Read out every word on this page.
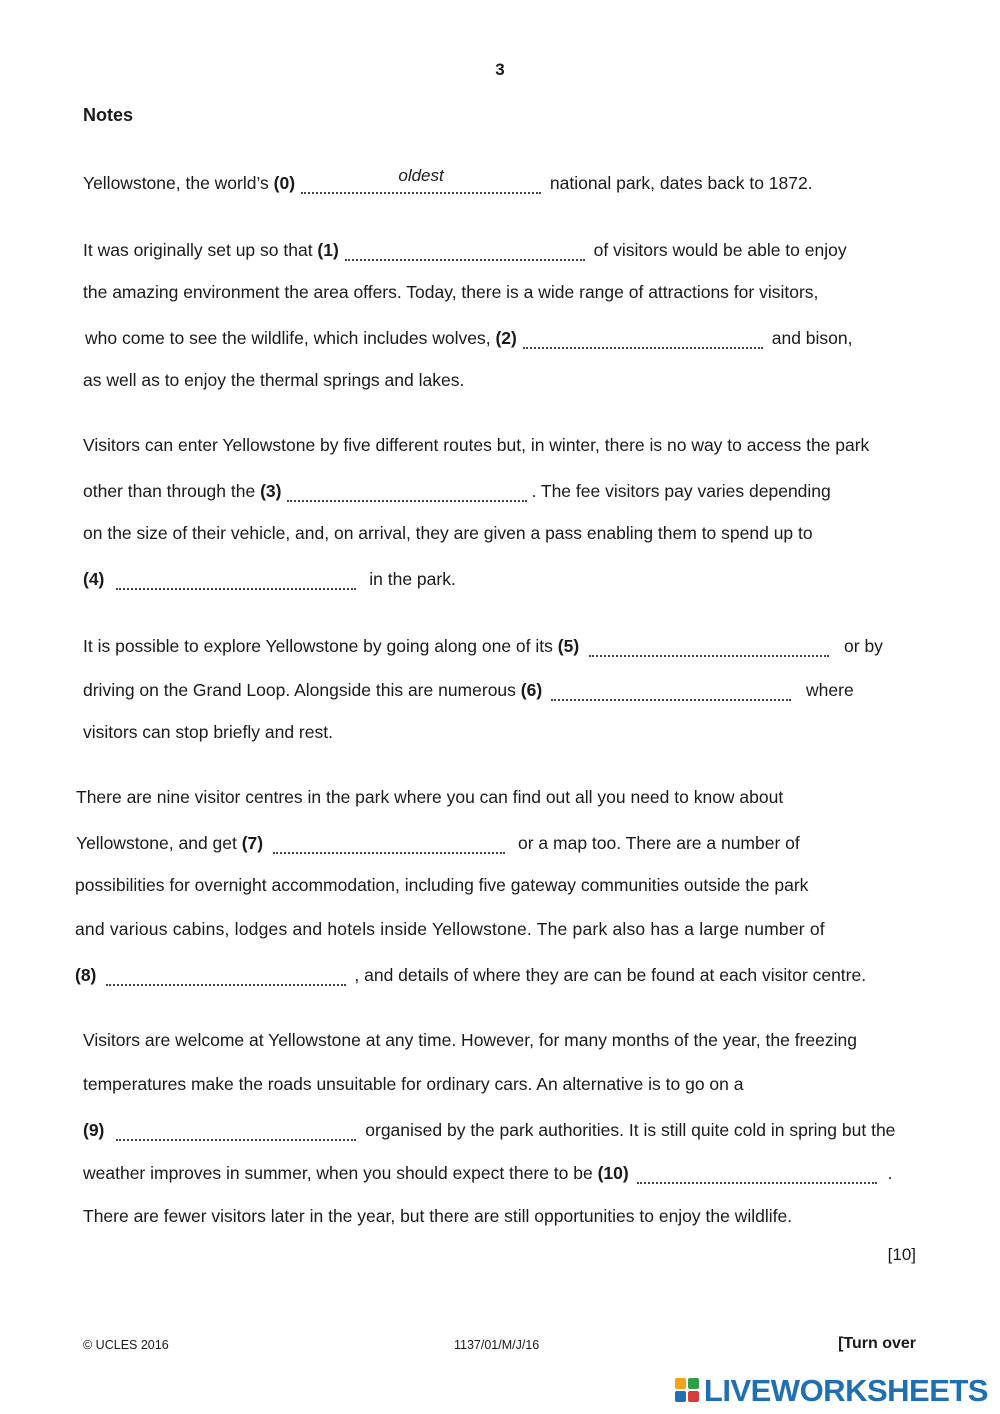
3
Notes
Yellowstone, the world’s (0)	oldest	national park, dates back to 1872.
It was originally set up so that (1)	of visitors would be able to enjoy
the amazing environment the area offers. Today, there is a wide range of attractions for visitors,
who come to see the wildlife, which includes wolves, (2)	and bison,
as well as to enjoy the thermal springs and lakes.
Visitors can enter Yellowstone by five different routes but, in winter, there is no way to access the park
other than through the (3)	. The fee visitors pay varies depending
on the size of their vehicle, and, on arrival, they are given a pass enabling them to spend up to
(4)	in the park.
It is possible to explore Yellowstone by going along one of its (5)	or by
driving on the Grand Loop. Alongside this are numerous (6)	where
visitors can stop briefly and rest.
There are nine visitor centres in the park where you can find out all you need to know about
Yellowstone, and get (7)	or a map too. There are a number of
possibilities for overnight accommodation, including five gateway communities outside the park
and various cabins, lodges and hotels inside Yellowstone. The park also has a large number of
(8)	, and details of where they are can be found at each visitor centre.
Visitors are welcome at Yellowstone at any time. However, for many months of the year, the freezing
temperatures make the roads unsuitable for ordinary cars. An alternative is to go on a
(9)	organised by the park authorities. It is still quite cold in spring but the
weather improves in summer, when you should expect there to be (10)	.
There are fewer visitors later in the year, but there are still opportunities to enjoy the wildlife.
[10]
© UCLES 2016	1137/01/M/J/16	[Turn over
LIVEWORKSHEETS
